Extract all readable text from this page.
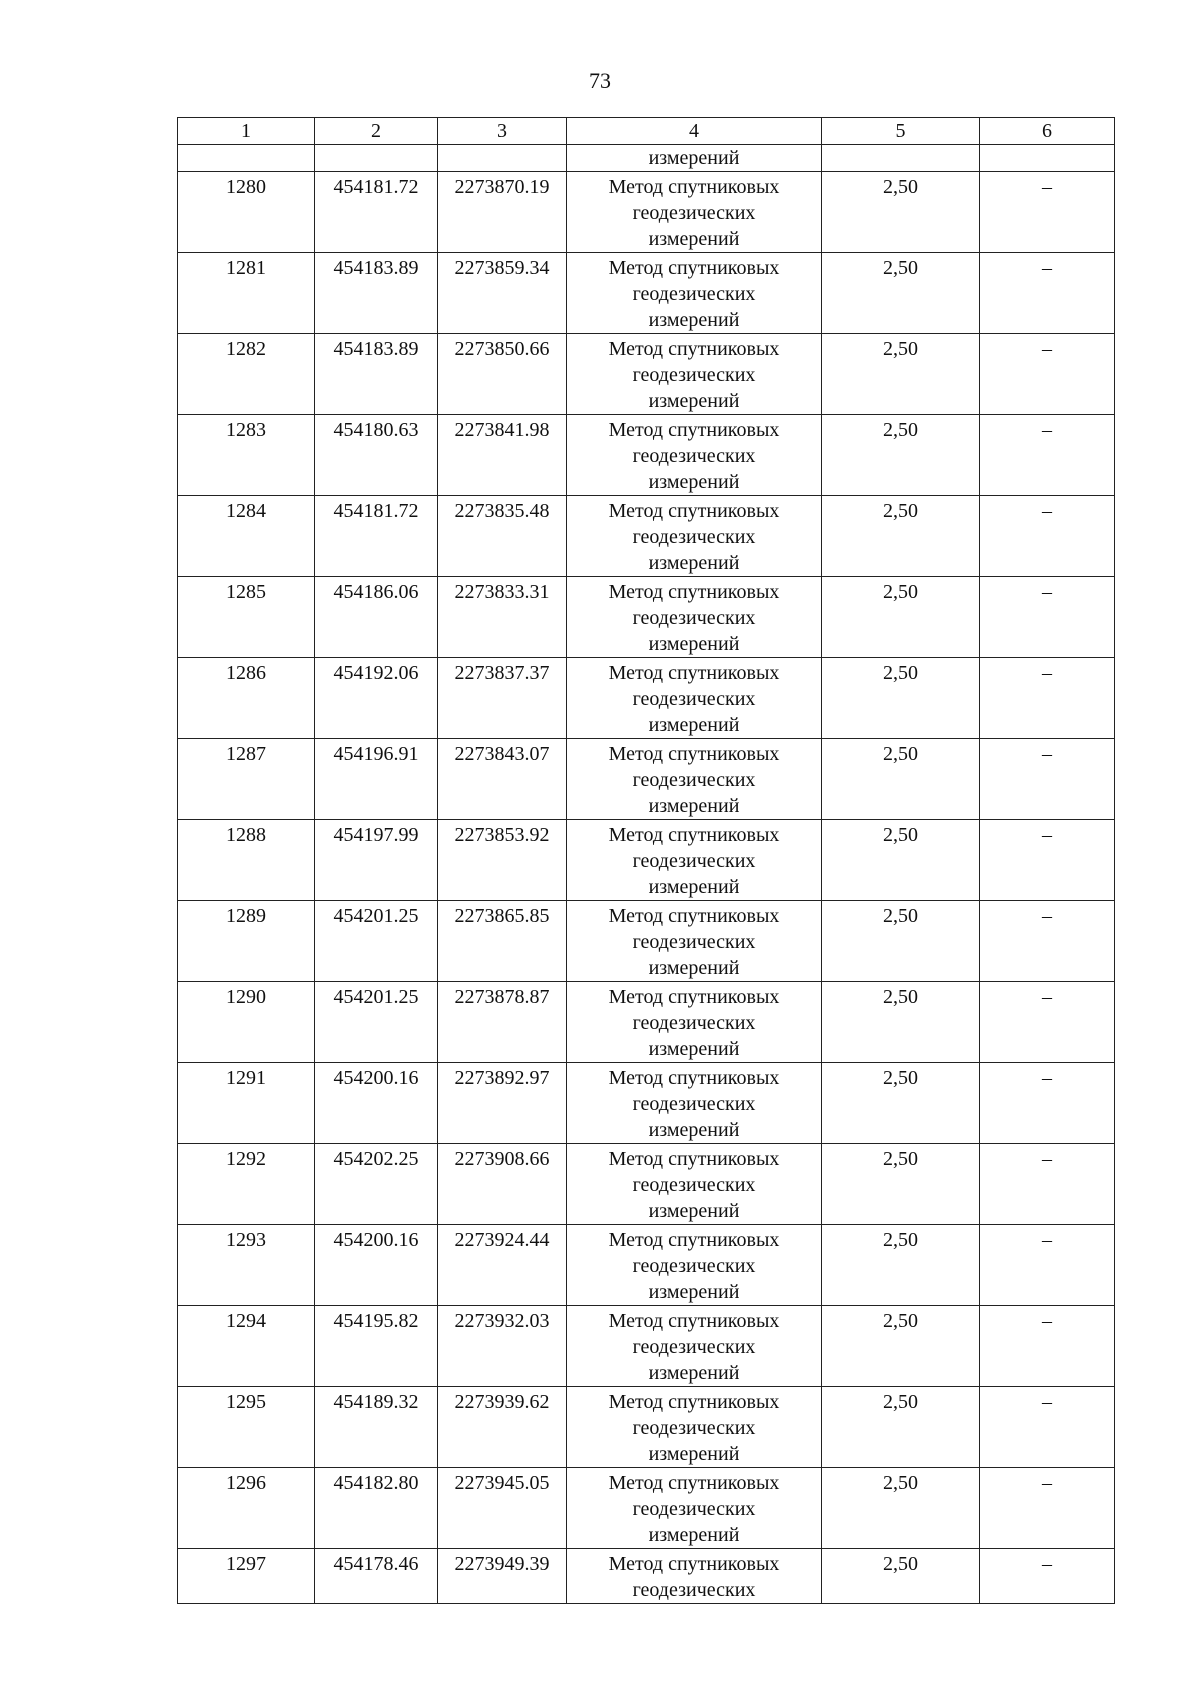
73
1	2	3	4	5	6
			измерений		
1280	454181.72	2273870.19	Метод спутниковых
геодезических
измерений	2,50	–
1281	454183.89	2273859.34	Метод спутниковых
геодезических
измерений	2,50	–
1282	454183.89	2273850.66	Метод спутниковых
геодезических
измерений	2,50	–
1283	454180.63	2273841.98	Метод спутниковых
геодезических
измерений	2,50	–
1284	454181.72	2273835.48	Метод спутниковых
геодезических
измерений	2,50	–
1285	454186.06	2273833.31	Метод спутниковых
геодезических
измерений	2,50	–
1286	454192.06	2273837.37	Метод спутниковых
геодезических
измерений	2,50	–
1287	454196.91	2273843.07	Метод спутниковых
геодезических
измерений	2,50	–
1288	454197.99	2273853.92	Метод спутниковых
геодезических
измерений	2,50	–
1289	454201.25	2273865.85	Метод спутниковых
геодезических
измерений	2,50	–
1290	454201.25	2273878.87	Метод спутниковых
геодезических
измерений	2,50	–
1291	454200.16	2273892.97	Метод спутниковых
геодезических
измерений	2,50	–
1292	454202.25	2273908.66	Метод спутниковых
геодезических
измерений	2,50	–
1293	454200.16	2273924.44	Метод спутниковых
геодезических
измерений	2,50	–
1294	454195.82	2273932.03	Метод спутниковых
геодезических
измерений	2,50	–
1295	454189.32	2273939.62	Метод спутниковых
геодезических
измерений	2,50	–
1296	454182.80	2273945.05	Метод спутниковых
геодезических
измерений	2,50	–
1297	454178.46	2273949.39	Метод спутниковых
геодезических	2,50	–
